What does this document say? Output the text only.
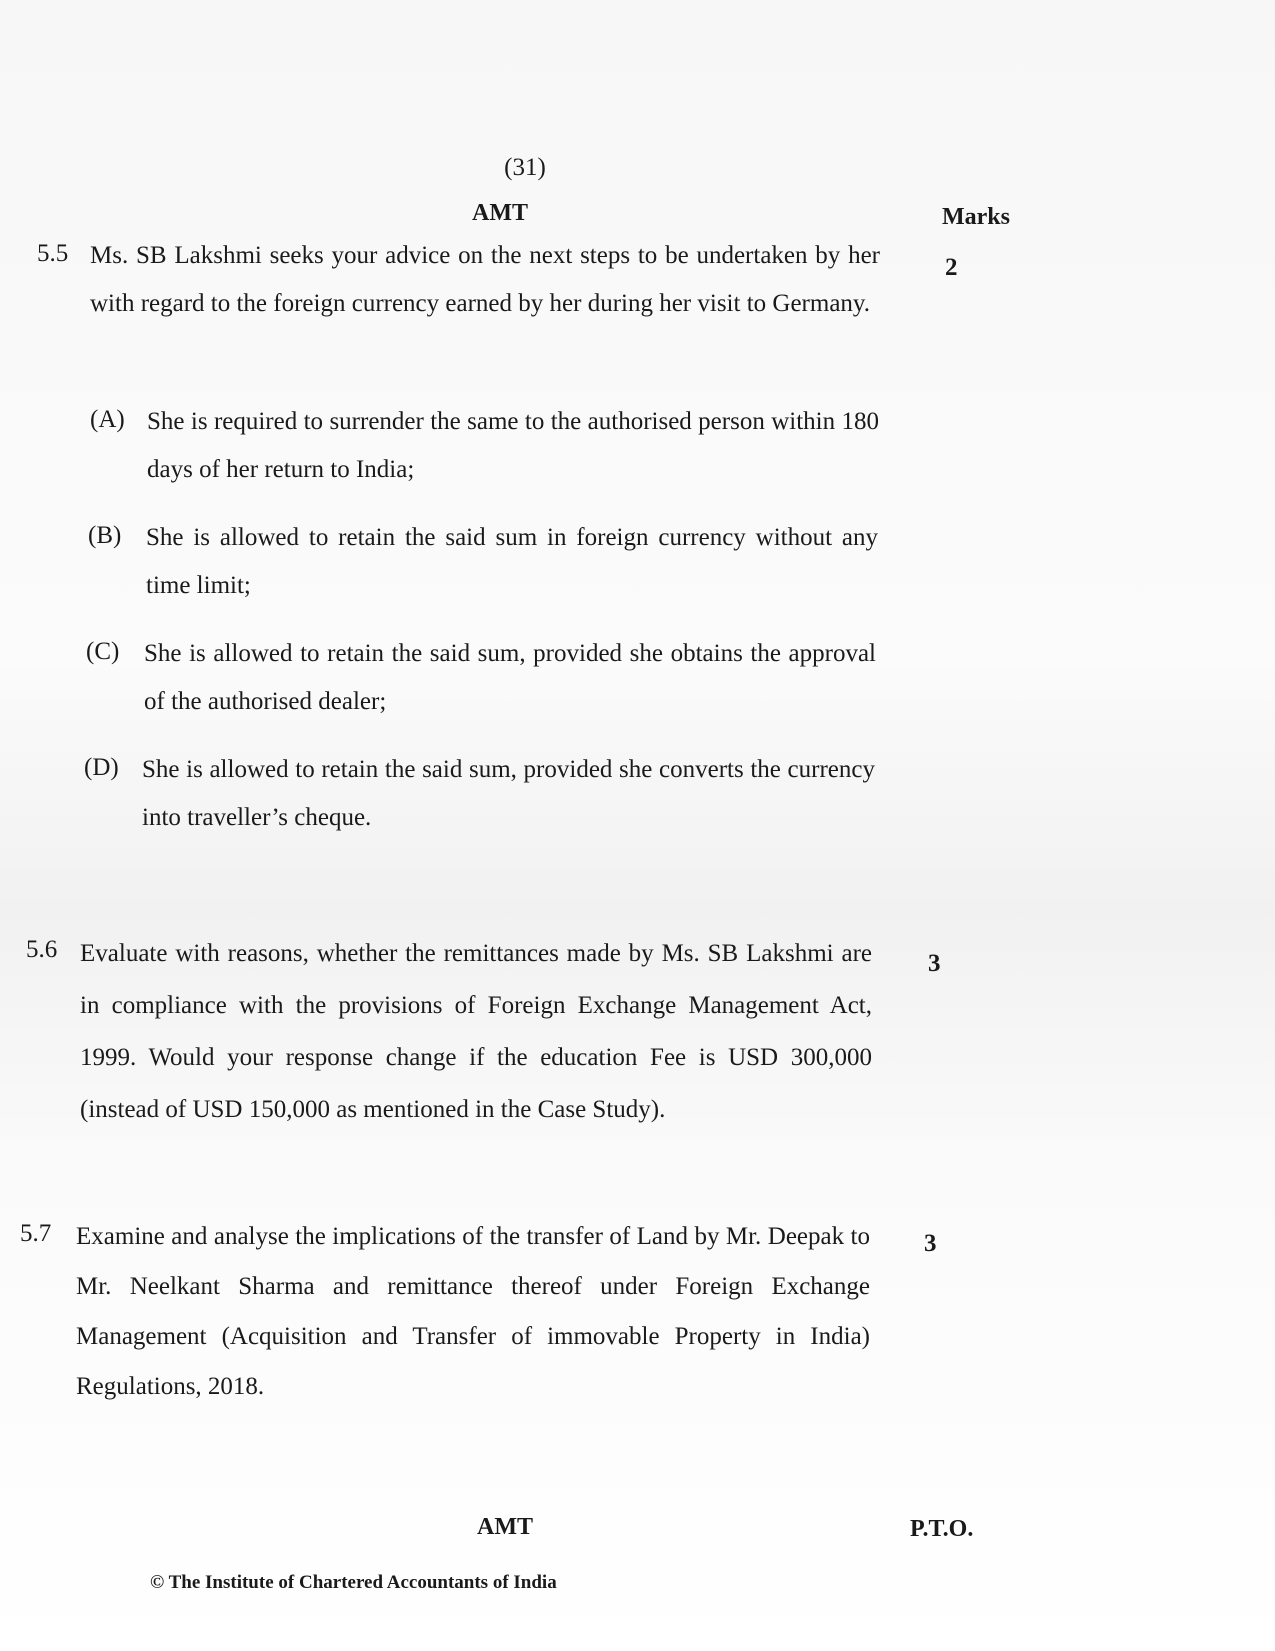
(31)
AMT	Marks
5.5 Ms. SB Lakshmi seeks your advice on the next steps to be undertaken by her with regard to the foreign currency earned by her during her visit to Germany.
2
(A) She is required to surrender the same to the authorised person within 180 days of her return to India;
(B) She is allowed to retain the said sum in foreign currency without any time limit;
(C) She is allowed to retain the said sum, provided she obtains the approval of the authorised dealer;
(D) She is allowed to retain the said sum, provided she converts the currency into traveller’s cheque.
5.6 Evaluate with reasons, whether the remittances made by Ms. SB Lakshmi are in compliance with the provisions of Foreign Exchange Management Act, 1999. Would your response change if the education Fee is USD 300,000 (instead of USD 150,000 as mentioned in the Case Study).
3
5.7 Examine and analyse the implications of the transfer of Land by Mr. Deepak to Mr. Neelkant Sharma and remittance thereof under Foreign Exchange Management (Acquisition and Transfer of immovable Property in India) Regulations, 2018.
3
AMT	P.T.O.
© The Institute of Chartered Accountants of India
